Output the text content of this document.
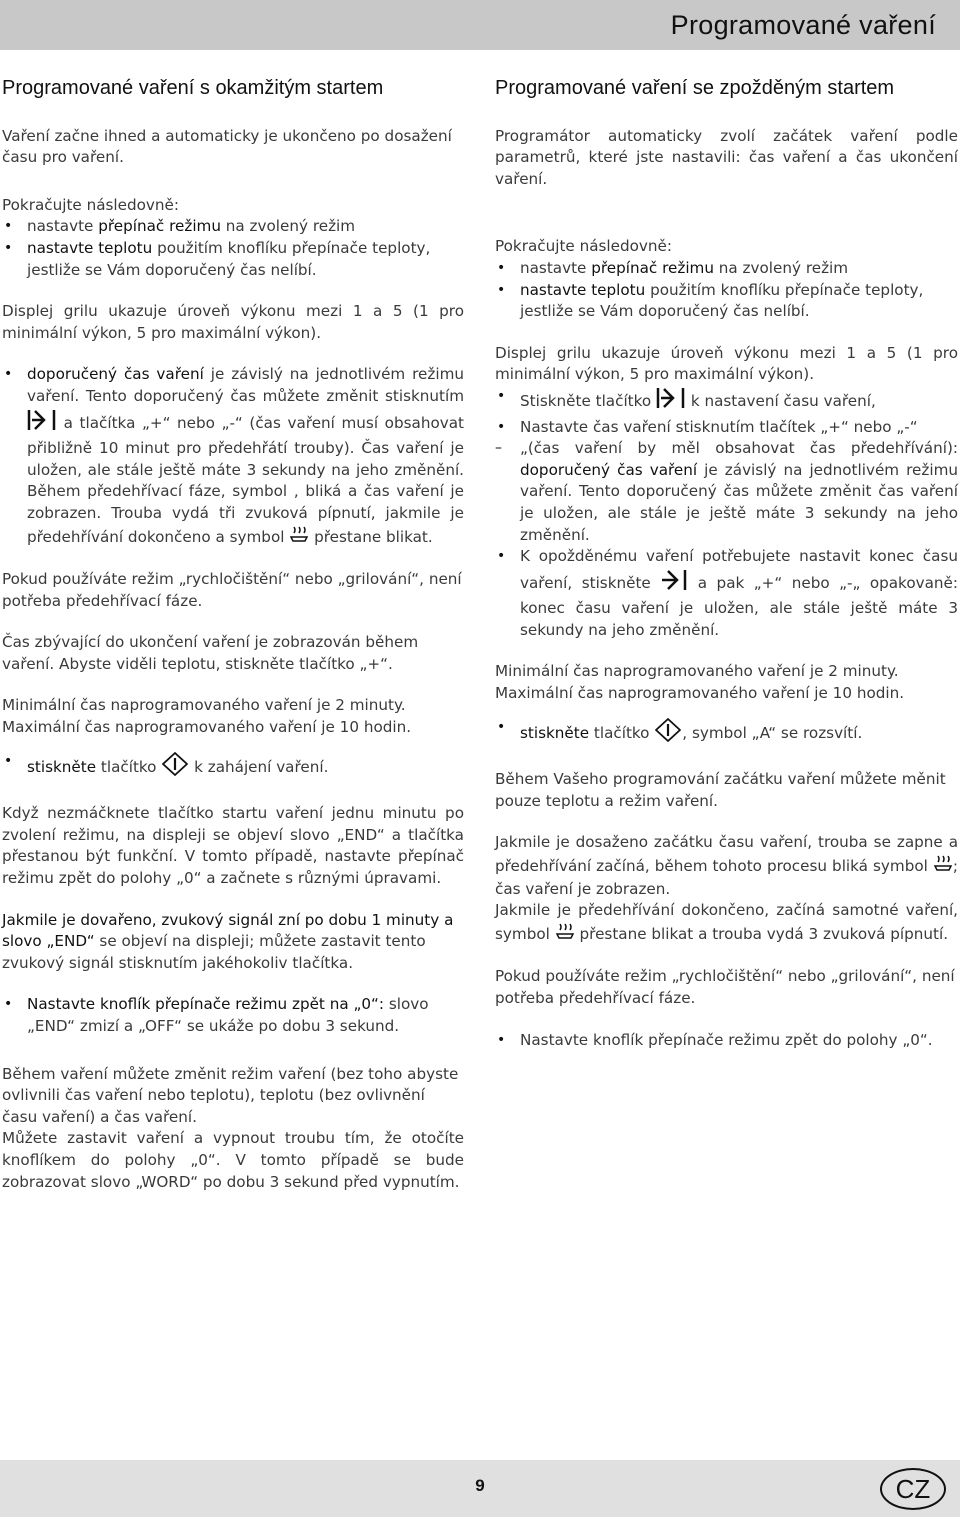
Programované vaření
Programované vaření s okamžitým startem

Vaření začne ihned a automaticky je ukončeno po dosažení času pro vaření.

Pokračujte následovně:

• nastavte přepínač režimu na zvolený režim
• nastavte teplotu použitím knoflíku přepínače teploty, jestliže se Vám doporučený čas nelíbí.

Displej grilu ukazuje úroveň výkonu mezi 1 a 5 (1 pro minimální výkon, 5 pro maximální výkon).

• doporučený čas vaření je závislý na jednotlivém režimu vaření. Tento doporučený čas můžete změnit stisknutím  a tlačítka „+“ nebo „-“ (čas vaření musí obsahovat přibližně 10 minut pro předehřátí trouby). Čas vaření je uložen, ale stále ještě máte 3 sekundy na jeho změnění. Během předehřívací fáze, symbol , bliká a čas vaření je zobrazen. Trouba vydá tři zvuková pípnutí, jakmile je předehřívání dokončeno a symbol  přestane blikat.

Pokud používáte režim „rychločištění“ nebo „grilování“, není potřeba předehřívací fáze.

Čas zbývající do ukončení vaření je zobrazován během vaření. Abyste viděli teplotu, stiskněte tlačítko „+“.

Minimální čas naprogramovaného vaření je 2 minuty. Maximální čas naprogramovaného vaření je 10 hodin.

• stiskněte tlačítko  k zahájení vaření.

Když nezmáčknete tlačítko startu vaření jednu minutu po zvolení režimu, na displeji se objeví slovo „END“ a tlačítka přestanou být funkční. V tomto případě, nastavte přepínač režimu zpět do polohy „0“ a začnete s různými úpravami.

Jakmile je dovařeno, zvukový signál zní po dobu 1 minuty a slovo „END“ se objeví na displeji; můžete zastavit tento zvukový signál stisknutím jakéhokoliv tlačítka.

• Nastavte knoflík přepínače režimu zpět na „0“: slovo „END“ zmizí a „OFF“ se ukáže po dobu 3 sekund.

Během vaření můžete změnit režim vaření (bez toho abyste ovlivnili čas vaření nebo teplotu), teplotu (bez ovlivnění času vaření) a čas vaření.

Můžete zastavit vaření a vypnout troubu tím, že otočíte knoflíkem do polohy „0“. V tomto případě se bude zobrazovat slovo „WORD“ po dobu 3 sekund před vypnutím.

Programované vaření se zpožděným startem

Programátor automaticky zvolí začátek vaření podle parametrů, které jste nastavili: čas vaření a čas ukončení vaření.

Pokračujte následovně:

• nastavte přepínač režimu na zvolený režim
• nastavte teplotu použitím knoflíku přepínače teploty, jestliže se Vám doporučený čas nelíbí.

Displej grilu ukazuje úroveň výkonu mezi 1 a 5 (1 pro minimální výkon, 5 pro maximální výkon).

• Stiskněte tlačítko  k nastavení času vaření,
• Nastavte čas vaření stisknutím tlačítek „+“ nebo „-“
– „(čas vaření by měl obsahovat čas předehřívání): doporučený čas vaření je závislý na jednotlivém režimu vaření. Tento doporučený čas můžete změnit čas vaření je uložen, ale stále je ještě máte 3 sekundy na jeho změnění.
• K opožděnému vaření potřebujete nastavit konec času vaření, stiskněte  a pak „+“ nebo „-„ opakovaně: konec času vaření je uložen, ale stále ještě máte 3 sekundy na jeho změnění.

Minimální čas naprogramovaného vaření je 2 minuty. Maximální čas naprogramovaného vaření je 10 hodin.

• stiskněte tlačítko , symbol „A“ se rozsvítí.

Během Vašeho programování začátku vaření můžete měnit pouze teplotu a režim vaření.

Jakmile je dosaženo začátku času vaření, trouba se zapne a předehřívání začíná, během tohoto procesu bliká symbol ; čas vaření je zobrazen.

Jakmile je předehřívání dokončeno, začíná samotné vaření, symbol  přestane blikat a trouba vydá 3 zvuková pípnutí.

Pokud používáte režim „rychločištění“ nebo „grilování“, není potřeba předehřívací fáze.

• Nastavte knoflík přepínače režimu zpět do polohy „0“.
9	CZ
